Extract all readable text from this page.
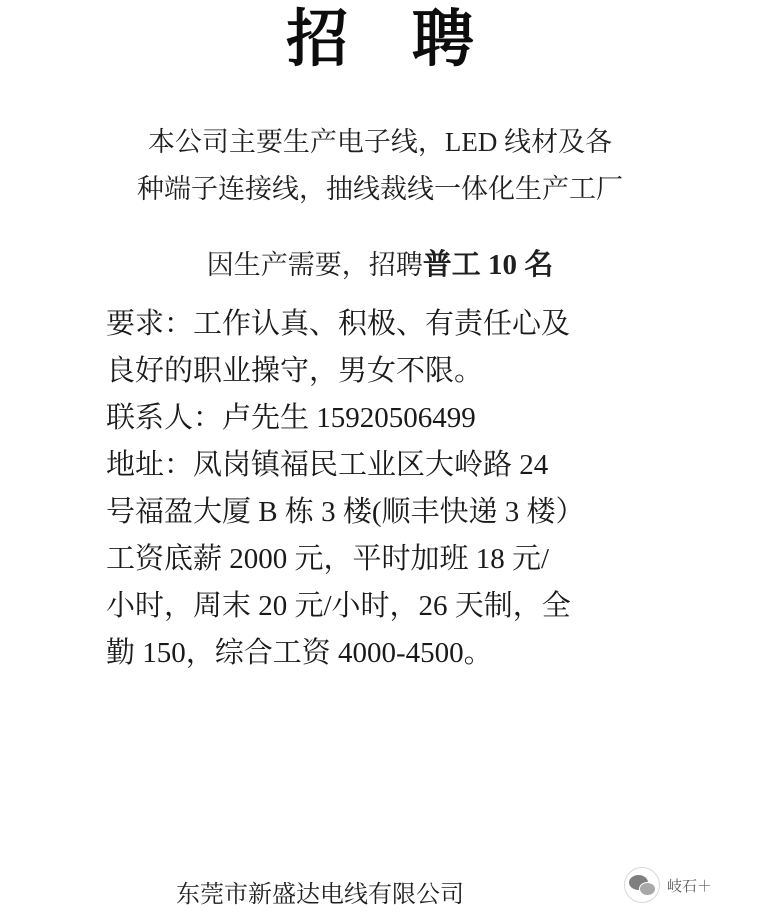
招 聘
本公司主要生产电子线，LED 线材及各
种端子连接线，抽线裁线一体化生产工厂
因生产需要，招聘普工 10 名
要求：工作认真、积极、有责任心及
良好的职业操守，男女不限。
联系人：卢先生 15920506499
地址：凤岗镇福民工业区大岭路 24
号福盈大厦 B 栋 3 楼(顺丰快递 3 楼）
工资底薪 2000 元，平时加班 18 元/
小时，周末 20 元/小时，26 天制，全
勤 150，综合工资 4000-4500。
东莞市新盛达电线有限公司	岐石＋
